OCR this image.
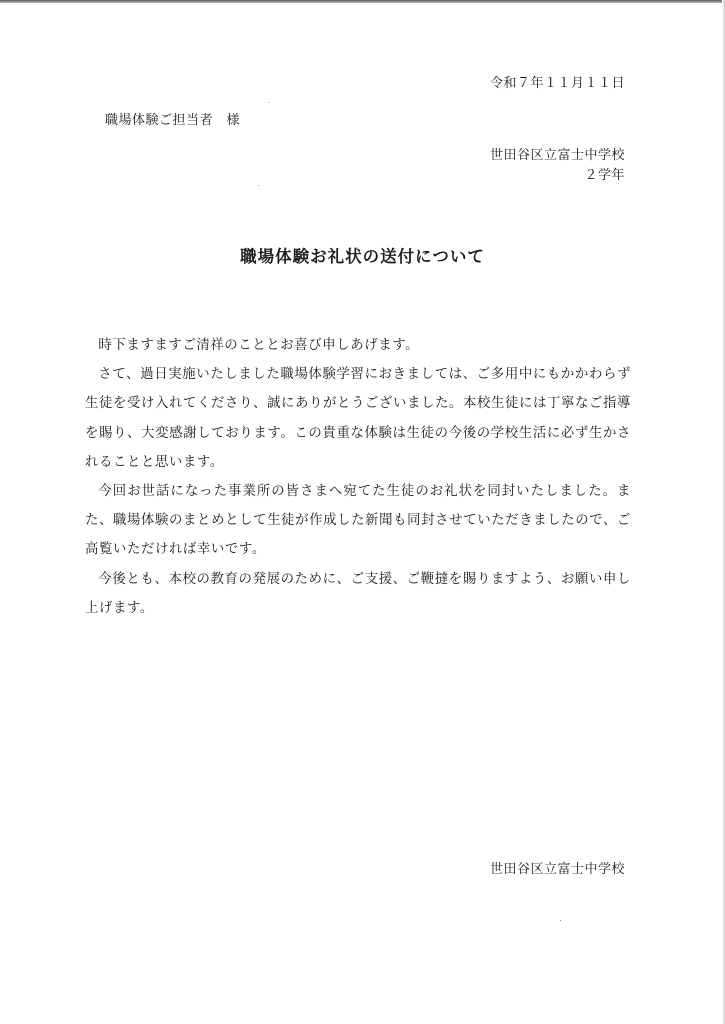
令和７年１１月１１日
職場体験ご担当者　様
世田谷区立富士中学校
２学年
職場体験お礼状の送付について

時下ますますご清祥のこととお喜び申しあげます。

さて、過日実施いたしました職場体験学習におきましては、ご多用中にもかかわらず生徒を受け入れてくださり、誠にありがとうございました。本校生徒には丁寧なご指導を賜り、大変感謝しております。この貴重な体験は生徒の今後の学校生活に必ず生かされることと思います。

今回お世話になった事業所の皆さまへ宛てた生徒のお礼状を同封いたしました。また、職場体験のまとめとして生徒が作成した新聞も同封させていただきましたので、ご高覧いただければ幸いです。

今後とも、本校の教育の発展のために、ご支援、ご鞭撻を賜りますよう、お願い申し上げます。

世田谷区立富士中学校
